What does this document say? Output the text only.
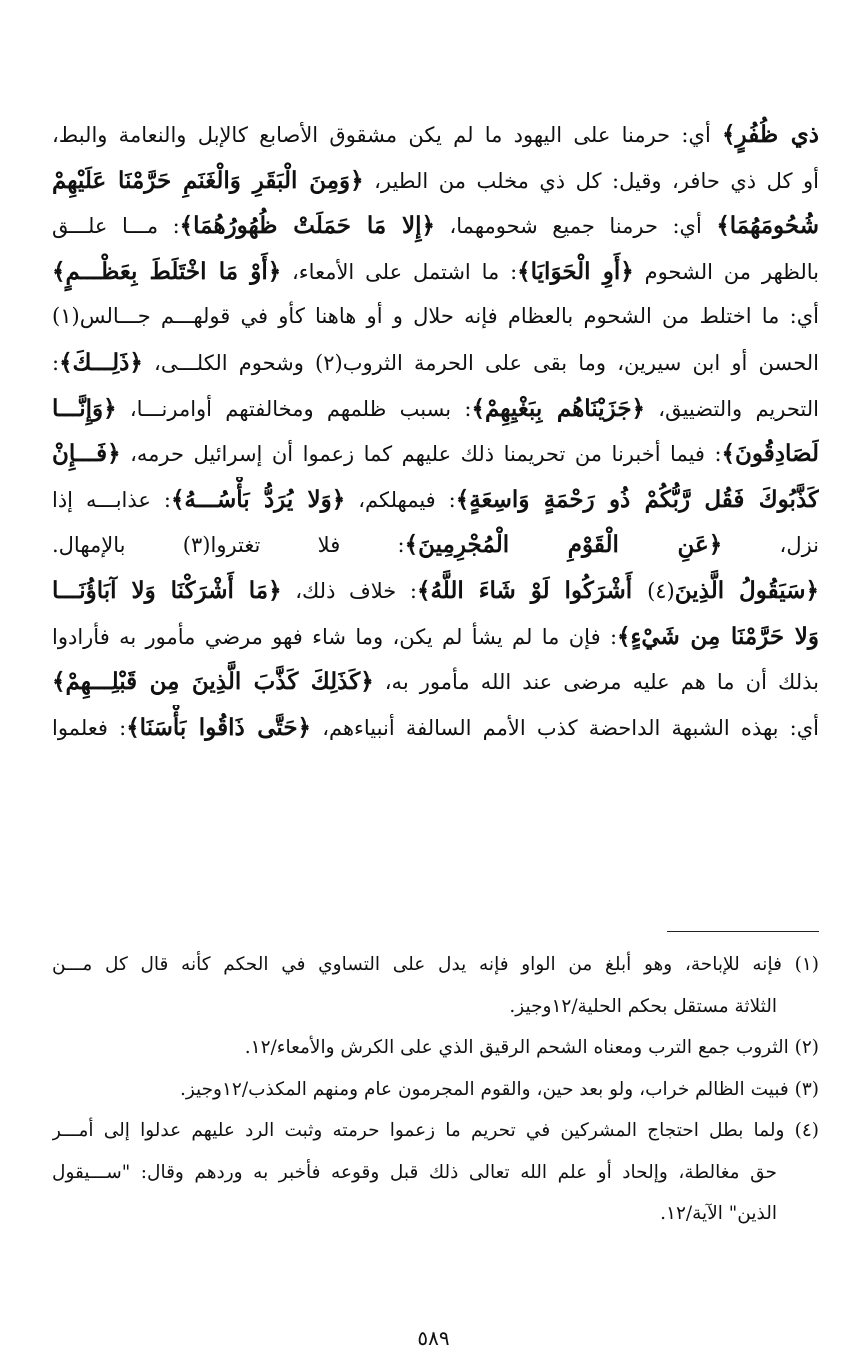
ذي ظُفُرٍ﴾ أي: حرمنا على اليهود ما لم يكن مشقوق الأصابع كالإبل والنعامة والبط،
أو كل ذي حافر، وقيل: كل ذي مخلب من الطير، ﴿وَمِنَ الْبَقَرِ وَالْغَنَمِ حَرَّمْنَا عَلَيْهِمْ
شُحُومَهُمَا﴾ أي: حرمنا جميع شحومهما، ﴿إِلا مَا حَمَلَتْ ظُهُورُهُمَا﴾: مـــا علـــق
بالظهر من الشحوم ﴿أَوِ الْحَوَايَا﴾: ما اشتمل على الأمعاء، ﴿أَوْ مَا اخْتَلَطَ بِعَظْـــمٍ﴾
أي: ما اختلط من الشحوم بالعظام فإنه حلال و أو هاهنا كأو في قولهـــم جـــالس(١)
الحسن أو ابن سيرين، وما بقى على الحرمة الثروب(٢) وشحوم الكلـــى، ﴿ذَلِـــكَ﴾:
التحريم والتضييق، ﴿جَزَيْنَاهُم بِبَغْيِهِمْ﴾: بسبب ظلمهم ومخالفتهم أوامرنـــا، ﴿وَإِنَّـــا
لَصَادِقُونَ﴾: فيما أخبرنا من تحريمنا ذلك عليهم كما زعموا أن إسرائيل حرمه، ﴿فَـــإِنْ
كَذَّبُوكَ فَقُل رَّبُّكُمْ ذُو رَحْمَةٍ وَاسِعَةٍ﴾: فيمهلكم، ﴿وَلا يُرَدُّ بَأْسُـــهُ﴾: عذابـــه إذا
نزل، ﴿عَنِ الْقَوْمِ الْمُجْرِمِينَ﴾: فلا تغتروا(٣) بالإمهال.
﴿سَيَقُولُ الَّذِينَ(٤) أَشْرَكُوا لَوْ شَاءَ اللَّهُ﴾: خلاف ذلك، ﴿مَا أَشْرَكْنَا وَلا آبَاؤُنَـــا
وَلا حَرَّمْنَا مِن شَيْءٍ﴾: فإن ما لم يشأ لم يكن، وما شاء فهو مرضي مأمور به فأرادوا
بذلك أن ما هم عليه مرضى عند الله مأمور به، ﴿كَذَلِكَ كَذَّبَ الَّذِينَ مِن قَبْلِـــهِمْ﴾
أي: بهذه الشبهة الداحضة كذب الأمم السالفة أنبياءهم، ﴿حَتَّى ذَاقُوا بَأْسَنَا﴾: فعلموا
(١) فإنه للإباحة، وهو أبلغ من الواو فإنه يدل على التساوي في الحكم كأنه قال كل مـــن
الثلاثة مستقل بحكم الحلية/١٢وجيز.
(٢) الثروب جمع الترب ومعناه الشحم الرقيق الذي على الكرش والأمعاء/١٢.
(٣) فبيت الظالم خراب، ولو بعد حين، والقوم المجرمون عام ومنهم المكذب/١٢وجيز.
(٤) ولما بطل احتجاج المشركين في تحريم ما زعموا حرمته وثبت الرد عليهم عدلوا إلى أمـــر
حق مغالطة، وإلحاد أو علم الله تعالى ذلك قبل وقوعه فأخبر به وردهم وقال: "ســـيقول
الذين" الآية/١٢.
٥٨٩
